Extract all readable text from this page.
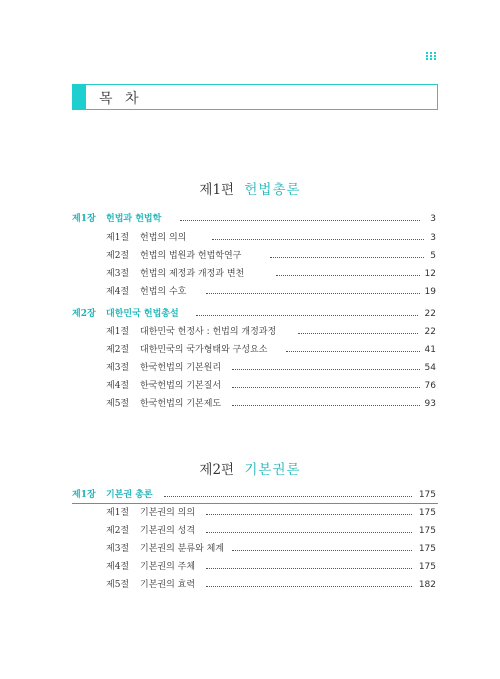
목 차
제1편 헌법총론
제1장 헌법과 헌법학	3
제1절 헌법의 의의	3
제2절 헌법의 법원과 헌법학연구	5
제3절 헌법의 제정과 개정과 변천	12
제4절 헌법의 수호	19
제2장 대한민국 헌법총설	22
제1절 대한민국 헌정사 : 헌법의 개정과정	22
제2절 대한민국의 국가형태와 구성요소	41
제3절 한국헌법의 기본원리	54
제4절 한국헌법의 기본질서	76
제5절 한국헌법의 기본제도	93
제2편 기본권론
제1장 기본권 총론	175
제1절 기본권의 의의	175
제2절 기본권의 성격	175
제3절 기본권의 분류와 체계	175
제4절 기본권의 주체	175
제5절 기본권의 효력	182
